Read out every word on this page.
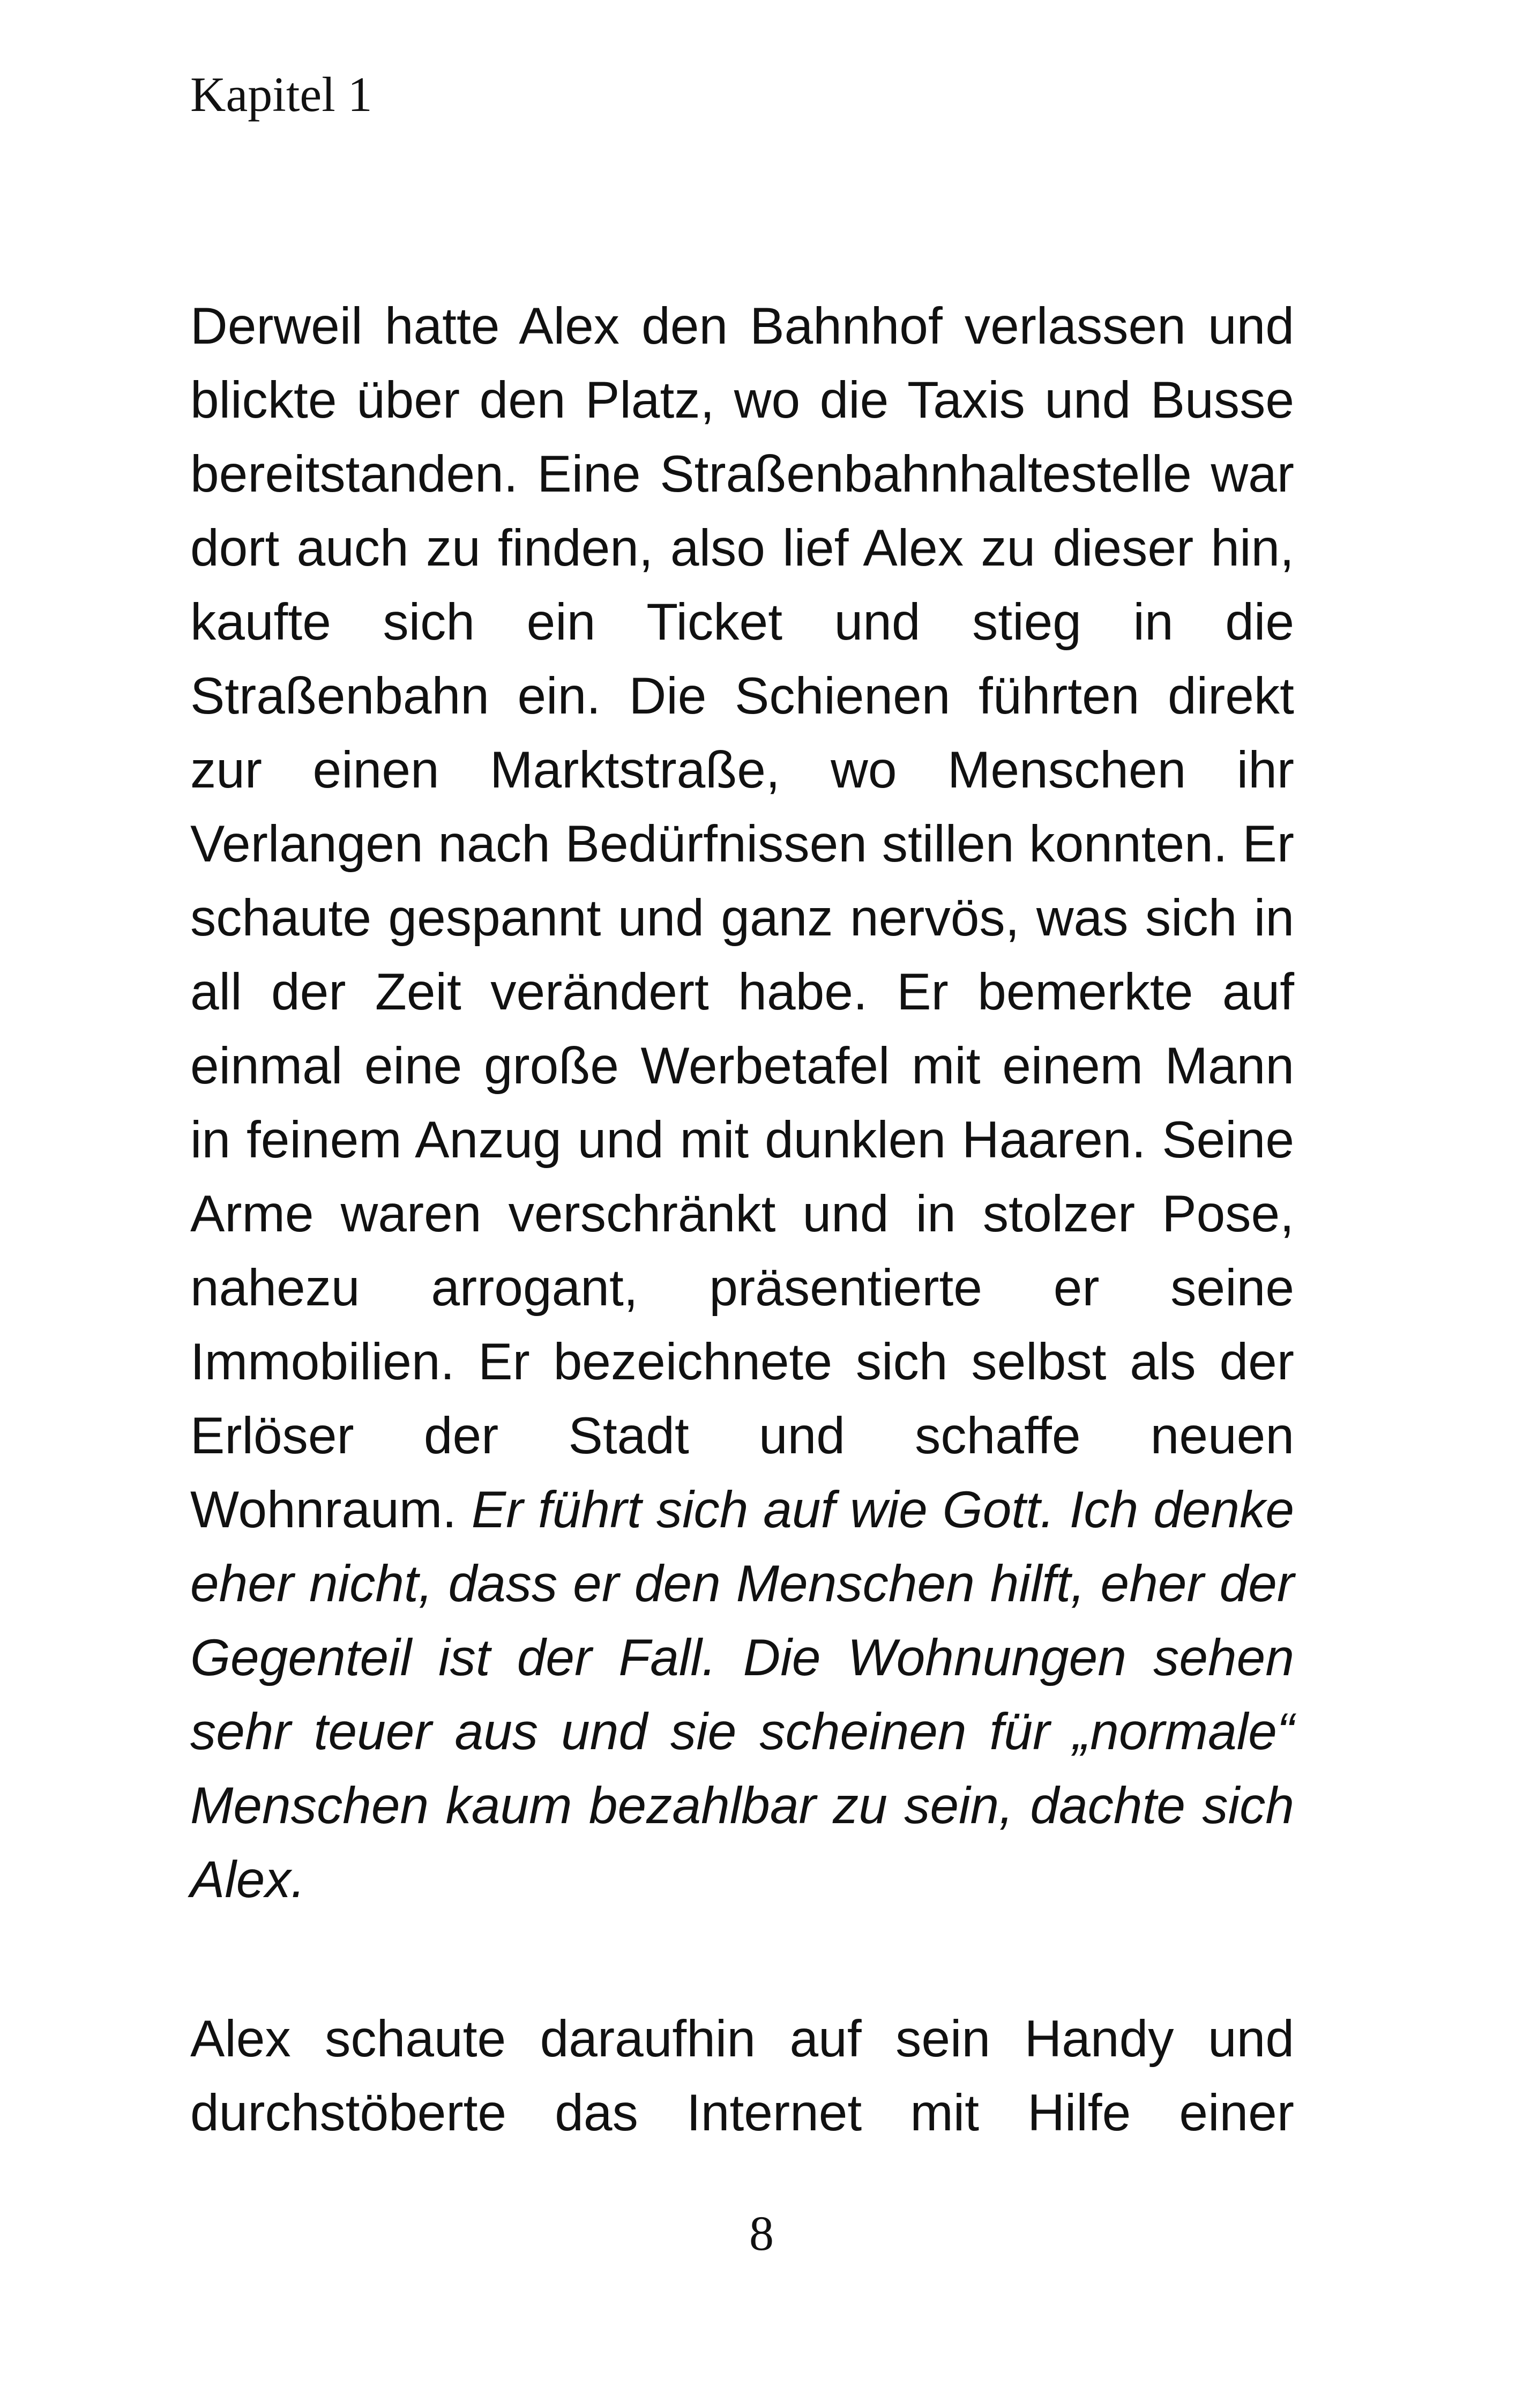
Kapitel 1

Derweil hatte Alex den Bahnhof verlassen und blickte über den Platz, wo die Taxis und Busse bereitstanden. Eine Straßenbahnhaltestelle war dort auch zu finden, also lief Alex zu dieser hin, kaufte sich ein Ticket und stieg in die Straßenbahn ein. Die Schienen führten direkt zur einen Marktstraße, wo Menschen ihr Verlangen nach Bedürfnissen stillen konnten. Er schaute gespannt und ganz nervös, was sich in all der Zeit verändert habe. Er bemerkte auf einmal eine große Werbetafel mit einem Mann in feinem Anzug und mit dunklen Haaren. Seine Arme waren verschränkt und in stolzer Pose, nahezu arrogant, präsentierte er seine Immobilien. Er bezeichnete sich selbst als der Erlöser der Stadt und schaffe neuen Wohnraum. Er führt sich auf wie Gott. Ich denke eher nicht, dass er den Menschen hilft, eher der Gegenteil ist der Fall. Die Wohnungen sehen sehr teuer aus und sie scheinen für „normale“ Menschen kaum bezahlbar zu sein, dachte sich Alex.

Alex schaute daraufhin auf sein Handy und durchstöberte das Internet mit Hilfe einer

8
